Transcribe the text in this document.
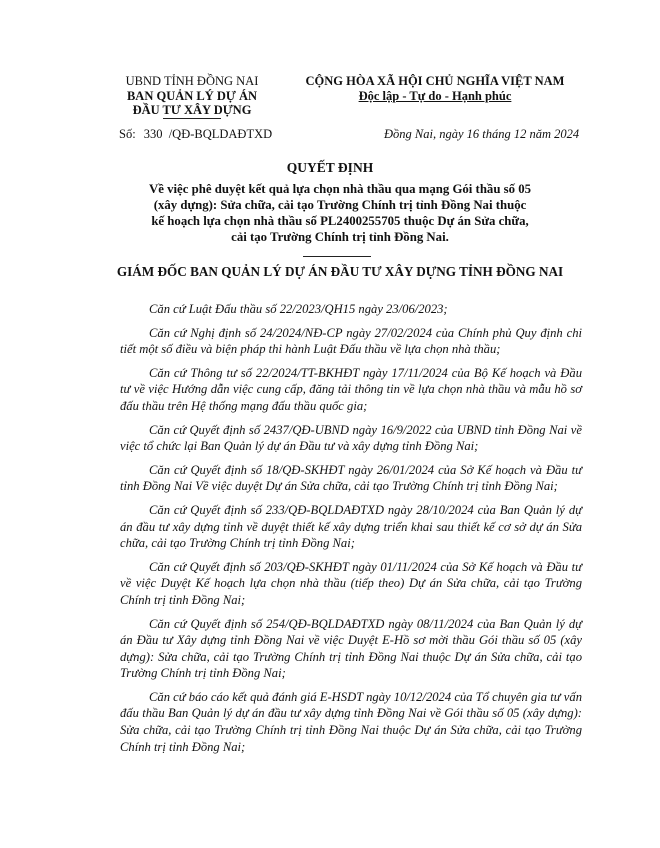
UBND TỈNH ĐỒNG NAI
BAN QUẢN LÝ DỰ ÁN
ĐẦU TƯ XÂY DỰNG
CỘNG HÒA XÃ HỘI CHỦ NGHĨA VIỆT NAM
Độc lập - Tự do - Hạnh phúc
Số: 330 /QĐ-BQLDAĐTXD	Đồng Nai, ngày 16 tháng 12 năm 2024
QUYẾT ĐỊNH
Về việc phê duyệt kết quả lựa chọn nhà thầu qua mạng Gói thầu số 05
(xây dựng): Sửa chữa, cải tạo Trường Chính trị tỉnh Đồng Nai thuộc
kế hoạch lựa chọn nhà thầu số PL2400255705 thuộc Dự án Sửa chữa,
cải tạo Trường Chính trị tỉnh Đồng Nai.
GIÁM ĐỐC BAN QUẢN LÝ DỰ ÁN ĐẦU TƯ XÂY DỰNG TỈNH ĐỒNG NAI

Căn cứ Luật Đấu thầu số 22/2023/QH15 ngày 23/06/2023;

Căn cứ Nghị định số 24/2024/NĐ-CP ngày 27/02/2024 của Chính phủ Quy định chi tiết một số điều và biện pháp thi hành Luật Đấu thầu về lựa chọn nhà thầu;

Căn cứ Thông tư số 22/2024/TT-BKHĐT ngày 17/11/2024 của Bộ Kế hoạch và Đầu tư về việc Hướng dẫn việc cung cấp, đăng tải thông tin về lựa chọn nhà thầu và mẫu hồ sơ đấu thầu trên Hệ thống mạng đấu thầu quốc gia;

Căn cứ Quyết định số 2437/QĐ-UBND ngày 16/9/2022 của UBND tỉnh Đồng Nai về việc tổ chức lại Ban Quản lý dự án Đầu tư và xây dựng tỉnh Đồng Nai;

Căn cứ Quyết định số 18/QĐ-SKHĐT ngày 26/01/2024 của Sở Kế hoạch và Đầu tư tỉnh Đồng Nai Về việc duyệt Dự án Sửa chữa, cải tạo Trường Chính trị tỉnh Đồng Nai;

Căn cứ Quyết định số 233/QĐ-BQLDAĐTXD ngày 28/10/2024 của Ban Quản lý dự án đầu tư xây dựng tỉnh về duyệt thiết kế xây dựng triển khai sau thiết kế cơ sở dự án Sửa chữa, cải tạo Trường Chính trị tỉnh Đồng Nai;

Căn cứ Quyết định số 203/QĐ-SKHĐT ngày 01/11/2024 của Sở Kế hoạch và Đầu tư về việc Duyệt Kế hoạch lựa chọn nhà thầu (tiếp theo) Dự án Sửa chữa, cải tạo Trường Chính trị tỉnh Đồng Nai;

Căn cứ Quyết định số 254/QĐ-BQLDAĐTXD ngày 08/11/2024 của Ban Quản lý dự án Đầu tư Xây dựng tỉnh Đồng Nai về việc Duyệt E-Hồ sơ mời thầu Gói thầu số 05 (xây dựng): Sửa chữa, cải tạo Trường Chính trị tỉnh Đồng Nai thuộc Dự án Sửa chữa, cải tạo Trường Chính trị tỉnh Đồng Nai;

Căn cứ báo cáo kết quả đánh giá E-HSDT ngày 10/12/2024 của Tổ chuyên gia tư vấn đấu thầu Ban Quản lý dự án đầu tư xây dựng tỉnh Đồng Nai về Gói thầu số 05 (xây dựng): Sửa chữa, cải tạo Trường Chính trị tỉnh Đồng Nai thuộc Dự án Sửa chữa, cải tạo Trường Chính trị tỉnh Đồng Nai;
